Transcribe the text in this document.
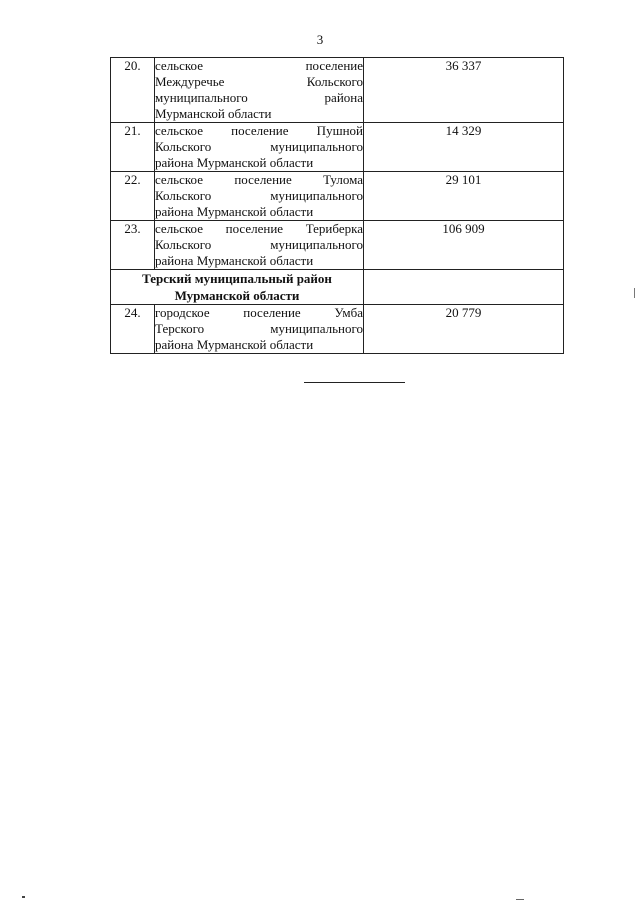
3
20.	сельское поселение
Междуречье Кольского
муниципального района
Мурманской области	36 337
21.	сельское поселение Пушной
Кольского муниципального
района Мурманской области	14 329
22.	сельское поселение Тулома
Кольского муниципального
района Мурманской области	29 101
23.	сельское поселение Териберка
Кольского муниципального
района Мурманской области	106 909

Терский муниципальный район
Мурманской области		

24.	городское поселение Умба
Терского муниципального
района Мурманской области	20 779
